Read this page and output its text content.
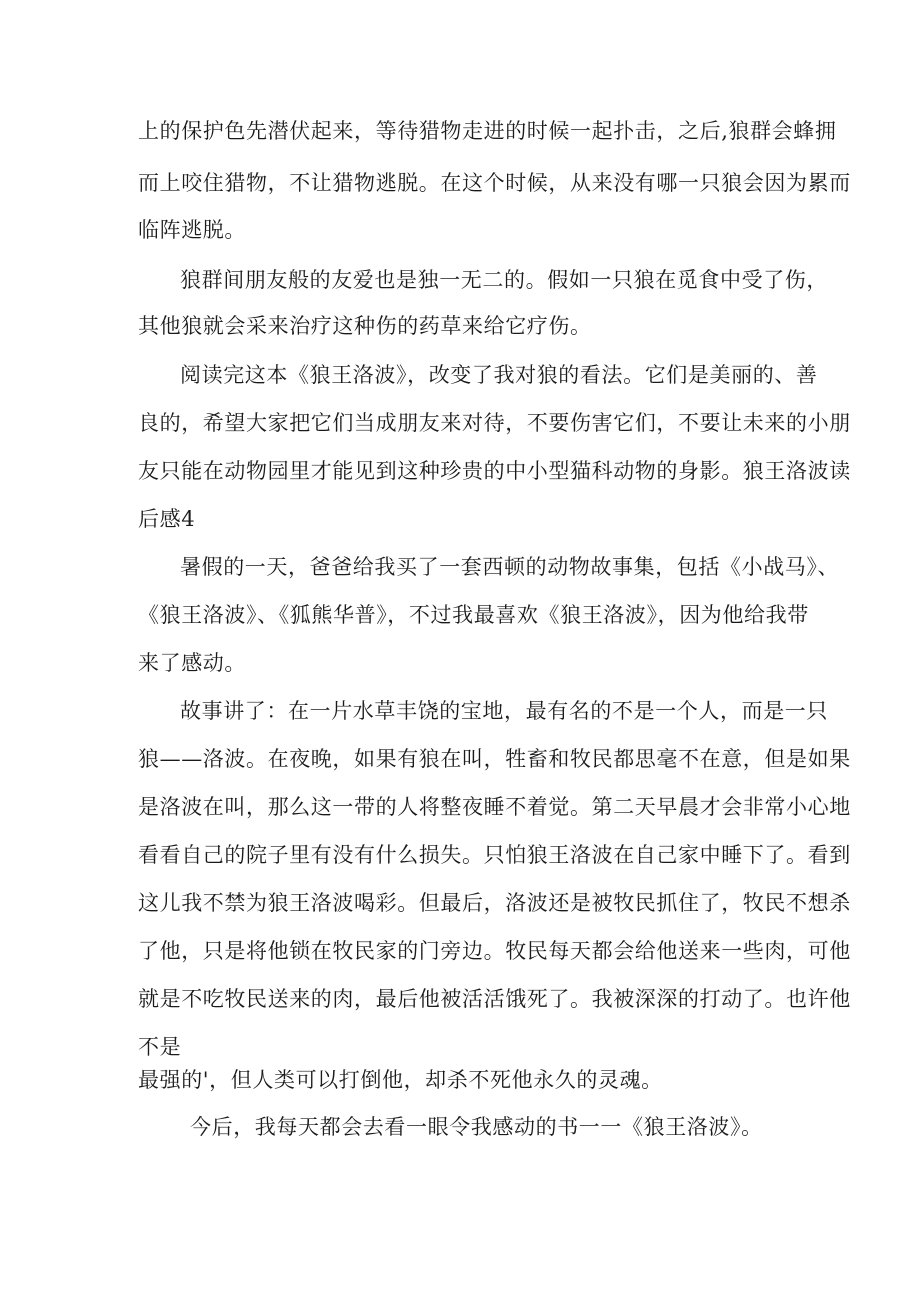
上的保护色先潜伏起来，等待猎物走进的时候一起扑击，之后,狼群会蜂拥
而上咬住猎物，不让猎物逃脱。在这个时候，从来没有哪一只狼会因为累而
临阵逃脱。
狼群间朋友般的友爱也是独一无二的。假如一只狼在觅食中受了伤，
其他狼就会采来治疗这种伤的药草来给它疗伤。
阅读完这本《狼王洛波》，改变了我对狼的看法。它们是美丽的、善
良的，希望大家把它们当成朋友来对待，不要伤害它们，不要让未来的小朋
友只能在动物园里才能见到这种珍贵的中小型猫科动物的身影。狼王洛波读
后感4
暑假的一天，爸爸给我买了一套西顿的动物故事集，包括《小战马》、
《狼王洛波》、《狐熊华普》，不过我最喜欢《狼王洛波》，因为他给我带
来了感动。
故事讲了：在一片水草丰饶的宝地，最有名的不是一个人，而是一只
狼——洛波。在夜晚，如果有狼在叫，牲畜和牧民都思毫不在意，但是如果
是洛波在叫，那么这一带的人将整夜睡不着觉。第二天早晨才会非常小心地
看看自己的院子里有没有什么损失。只怕狼王洛波在自己家中睡下了。看到
这儿我不禁为狼王洛波喝彩。但最后，洛波还是被牧民抓住了，牧民不想杀
了他，只是将他锁在牧民家的门旁边。牧民每天都会给他送来一些肉，可他
就是不吃牧民送来的肉，最后他被活活饿死了。我被深深的打动了。也许他
不是
最强的'，但人类可以打倒他，却杀不死他永久的灵魂。
今后，我每天都会去看一眼令我感动的书一一《狼王洛波》。
